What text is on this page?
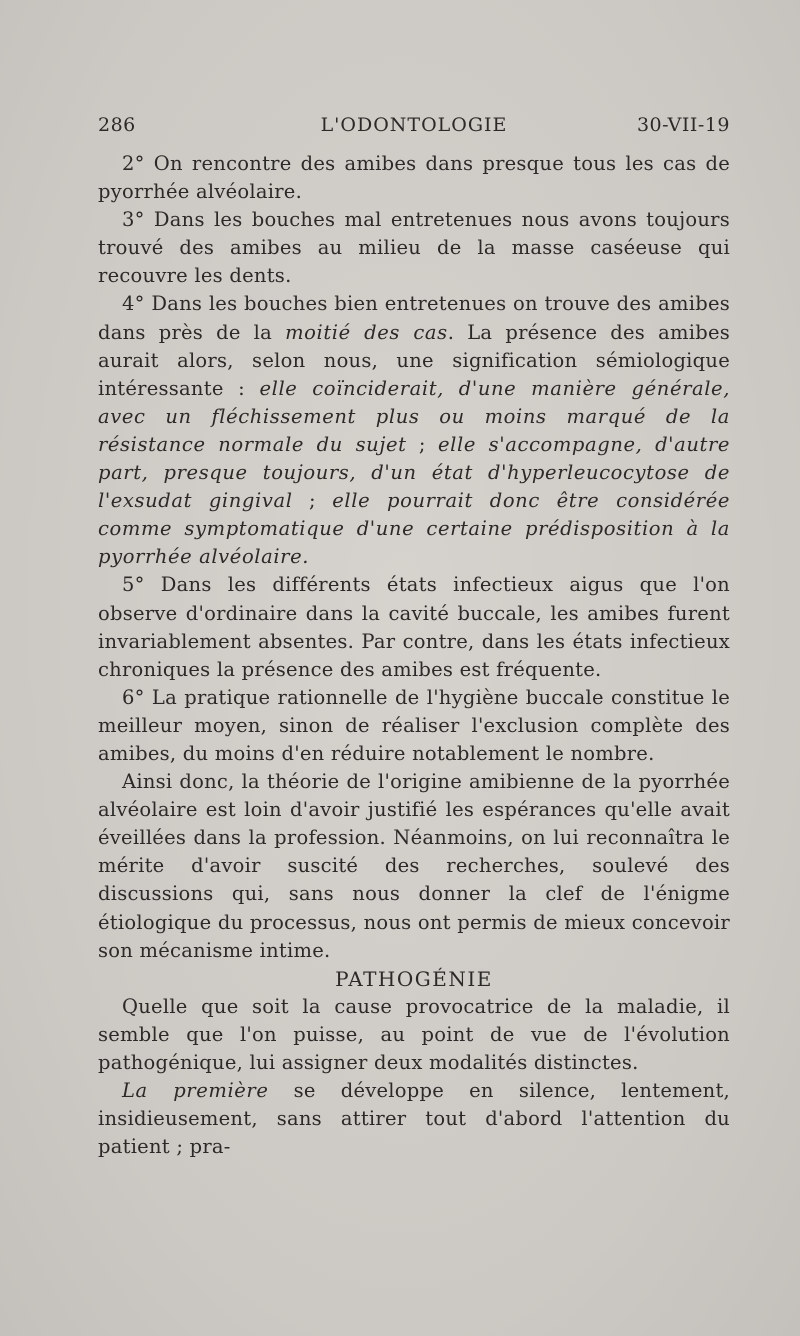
286	L'ODONTOLOGIE	30-VII-19

2° On rencontre des amibes dans presque tous les cas de pyorrhée alvéolaire.

3° Dans les bouches mal entretenues nous avons toujours trouvé des amibes au milieu de la masse caséeuse qui recouvre les dents.

4° Dans les bouches bien entretenues on trouve des amibes dans près de la moitié des cas. La présence des amibes aurait alors, selon nous, une signification sémiologique intéressante : elle coïnciderait, d'une manière générale, avec un fléchissement plus ou moins marqué de la résistance normale du sujet ; elle s'accompagne, d'autre part, presque toujours, d'un état d'hyperleucocytose de l'exsudat gingival ; elle pourrait donc être considérée comme symptomatique d'une certaine prédisposition à la pyorrhée alvéolaire.

5° Dans les différents états infectieux aigus que l'on observe d'ordinaire dans la cavité buccale, les amibes furent invariablement absentes. Par contre, dans les états infectieux chroniques la présence des amibes est fréquente.

6° La pratique rationnelle de l'hygiène buccale constitue le meilleur moyen, sinon de réaliser l'exclusion complète des amibes, du moins d'en réduire notablement le nombre.

Ainsi donc, la théorie de l'origine amibienne de la pyorrhée alvéolaire est loin d'avoir justifié les espérances qu'elle avait éveillées dans la profession. Néanmoins, on lui reconnaîtra le mérite d'avoir suscité des recherches, soulevé des discussions qui, sans nous donner la clef de l'énigme étiologique du processus, nous ont permis de mieux concevoir son mécanisme intime.

PATHOGÉNIE

Quelle que soit la cause provocatrice de la maladie, il semble que l'on puisse, au point de vue de l'évolution pathogénique, lui assigner deux modalités distinctes.

La première se développe en silence, lentement, insidieusement, sans attirer tout d'abord l'attention du patient ; pra-
